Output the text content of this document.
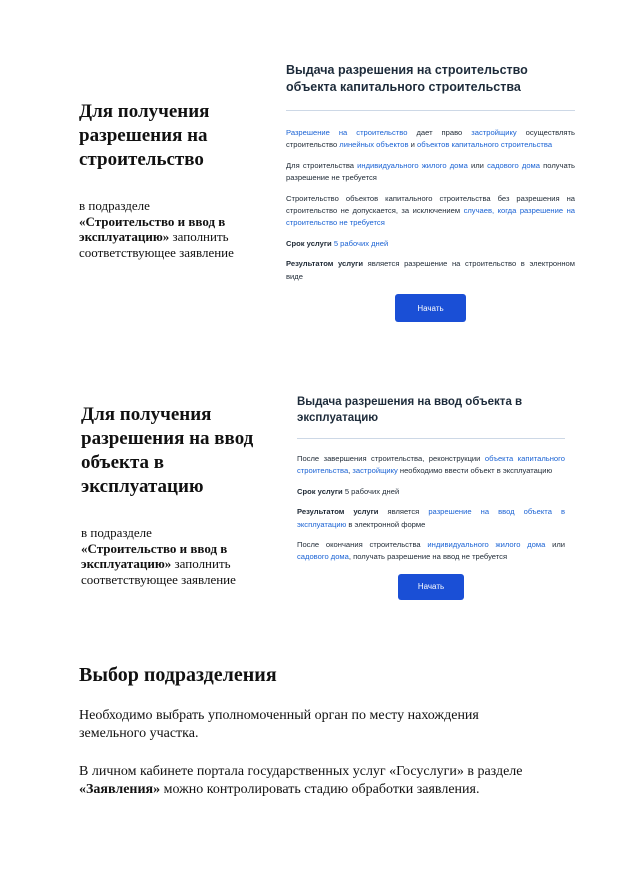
Для получения
разрешения на
строительство

в подразделе
«Строительство и ввод в эксплуатацию» заполнить соответствующее заявление

Выдача разрешения на строительство объекта капитального строительства

Разрешение на строительство дает право застройщику осуществлять строительство линейных объектов и объектов капитального строительства

Для строительства индивидуального жилого дома или садового дома получать разрешение не требуется

Строительство объектов капитального строительства без разрешения на строительство не допускается, за исключением случаев, когда разрешение на строительство не требуется

Срок услуги 5 рабочих дней

Результатом услуги является разрешение на строительство в электронном виде

Начать

Для получения
разрешения на ввод
объекта в
эксплуатацию

в подразделе
«Строительство и ввод в эксплуатацию» заполнить соответствующее заявление

Выдача разрешения на ввод объекта в эксплуатацию

После завершения строительства, реконструкции объекта капитального строительства, застройщику необходимо ввести объект в эксплуатацию

Срок услуги 5 рабочих дней

Результатом услуги является разрешение на ввод объекта в эксплуатацию в электронной форме

После окончания строительства индивидуального жилого дома или садового дома, получать разрешение на ввод не требуется

Начать

Выбор подразделения

Необходимо выбрать уполномоченный орган по месту нахождения земельного участка.

В личном кабинете портала государственных услуг «Госуслуги» в разделе «Заявления» можно контролировать стадию обработки заявления.
